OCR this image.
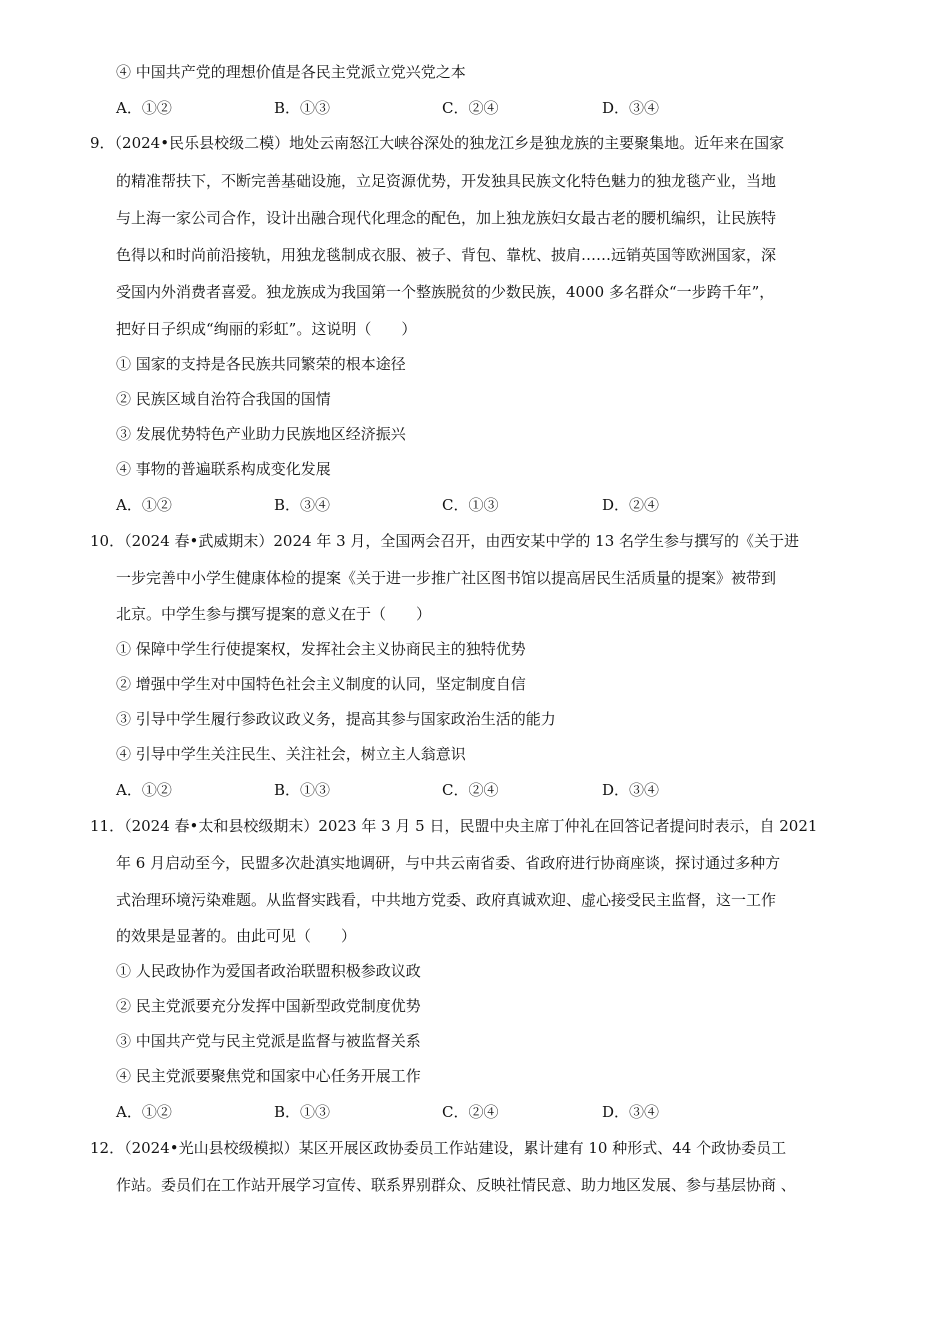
④ 中国共产党的理想价值是各民主党派立党兴党之本
A．①②	B．①③	C．②④	D．③④
9．（2024•民乐县校级二模）地处云南怒江大峡谷深处的独龙江乡是独龙族的主要聚集地。近年来在国家
的精准帮扶下，不断完善基础设施，立足资源优势，开发独具民族文化特色魅力的独龙毯产业，当地
与上海一家公司合作，设计出融合现代化理念的配色，加上独龙族妇女最古老的腰机编织，让民族特
色得以和时尚前沿接轨，用独龙毯制成衣服、被子、背包、靠枕、披肩……远销英国等欧洲国家，深
受国内外消费者喜爱。独龙族成为我国第一个整族脱贫的少数民族，4000 多名群众“一步跨千年”，
把好日子织成“绚丽的彩虹”。这说明（　　）
① 国家的支持是各民族共同繁荣的根本途径
② 民族区域自治符合我国的国情
③ 发展优势特色产业助力民族地区经济振兴
④ 事物的普遍联系构成变化发展
A．①②	B．③④	C．①③	D．②④
10．（2024 春•武威期末）2024 年 3 月，全国两会召开，由西安某中学的 13 名学生参与撰写的《关于进
一步完善中小学生健康体检的提案《关于进一步推广社区图书馆以提高居民生活质量的提案》被带到
北京。中学生参与撰写提案的意义在于（　　）
① 保障中学生行使提案权，发挥社会主义协商民主的独特优势
② 增强中学生对中国特色社会主义制度的认同，坚定制度自信
③ 引导中学生履行参政议政义务，提高其参与国家政治生活的能力
④ 引导中学生关注民生、关注社会，树立主人翁意识
A．①②	B．①③	C．②④	D．③④
11．（2024 春•太和县校级期末）2023 年 3 月 5 日，民盟中央主席丁仲礼在回答记者提问时表示，自 2021
年 6 月启动至今，民盟多次赴滇实地调研，与中共云南省委、省政府进行协商座谈，探讨通过多种方
式治理环境污染难题。从监督实践看，中共地方党委、政府真诚欢迎、虚心接受民主监督，这一工作
的效果是显著的。由此可见（　　）
① 人民政协作为爱国者政治联盟积极参政议政
② 民主党派要充分发挥中国新型政党制度优势
③ 中国共产党与民主党派是监督与被监督关系
④ 民主党派要聚焦党和国家中心任务开展工作
A．①②	B．①③	C．②④	D．③④
12．（2024•光山县校级模拟）某区开展区政协委员工作站建设，累计建有 10 种形式、44 个政协委员工
作站。委员们在工作站开展学习宣传、联系界别群众、反映社情民意、助力地区发展、参与基层协商 、
